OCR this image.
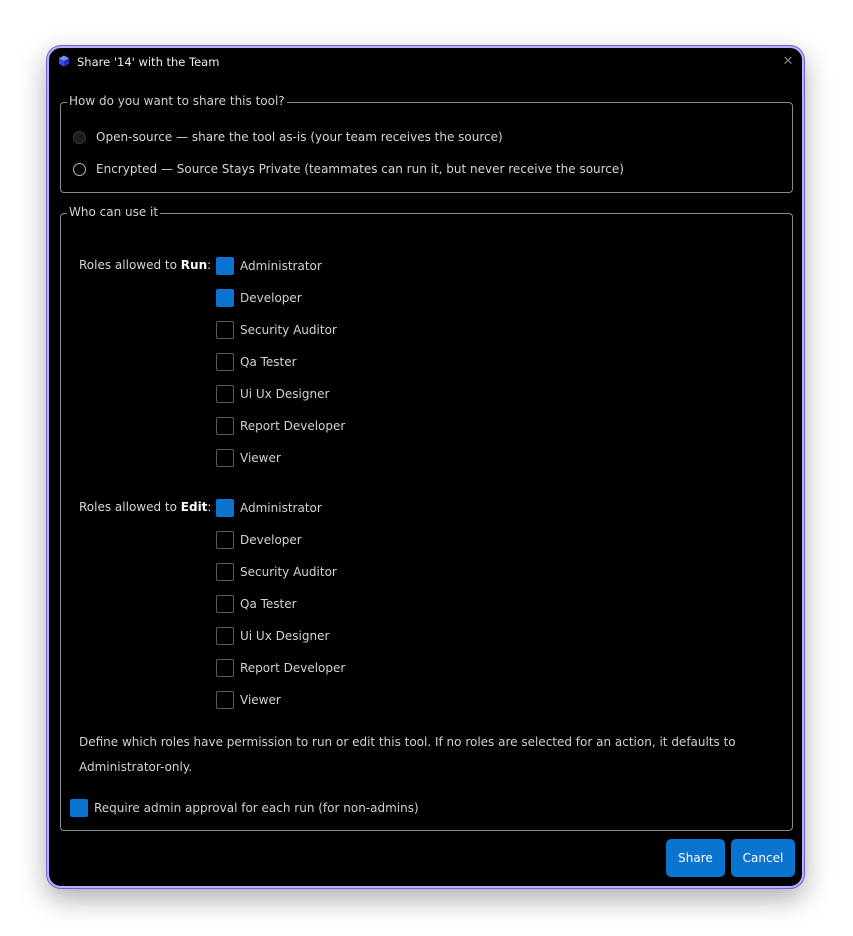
Share '14' with the Team	✕
How do you want to share this tool?
Open-source — share the tool as-is (your team receives the source)
Encrypted — Source Stays Private (teammates can run it, but never receive the source)
Who can use it
Roles allowed to Run: Administrator
Developer
Security Auditor
Qa Tester
Ui Ux Designer
Report Developer
Viewer
Roles allowed to Edit: Administrator
Developer
Security Auditor
Qa Tester
Ui Ux Designer
Report Developer
Viewer
Define which roles have permission to run or edit this tool. If no roles are selected for an action, it defaults to Administrator-only.
Require admin approval for each run (for non-admins)
Share	Cancel
